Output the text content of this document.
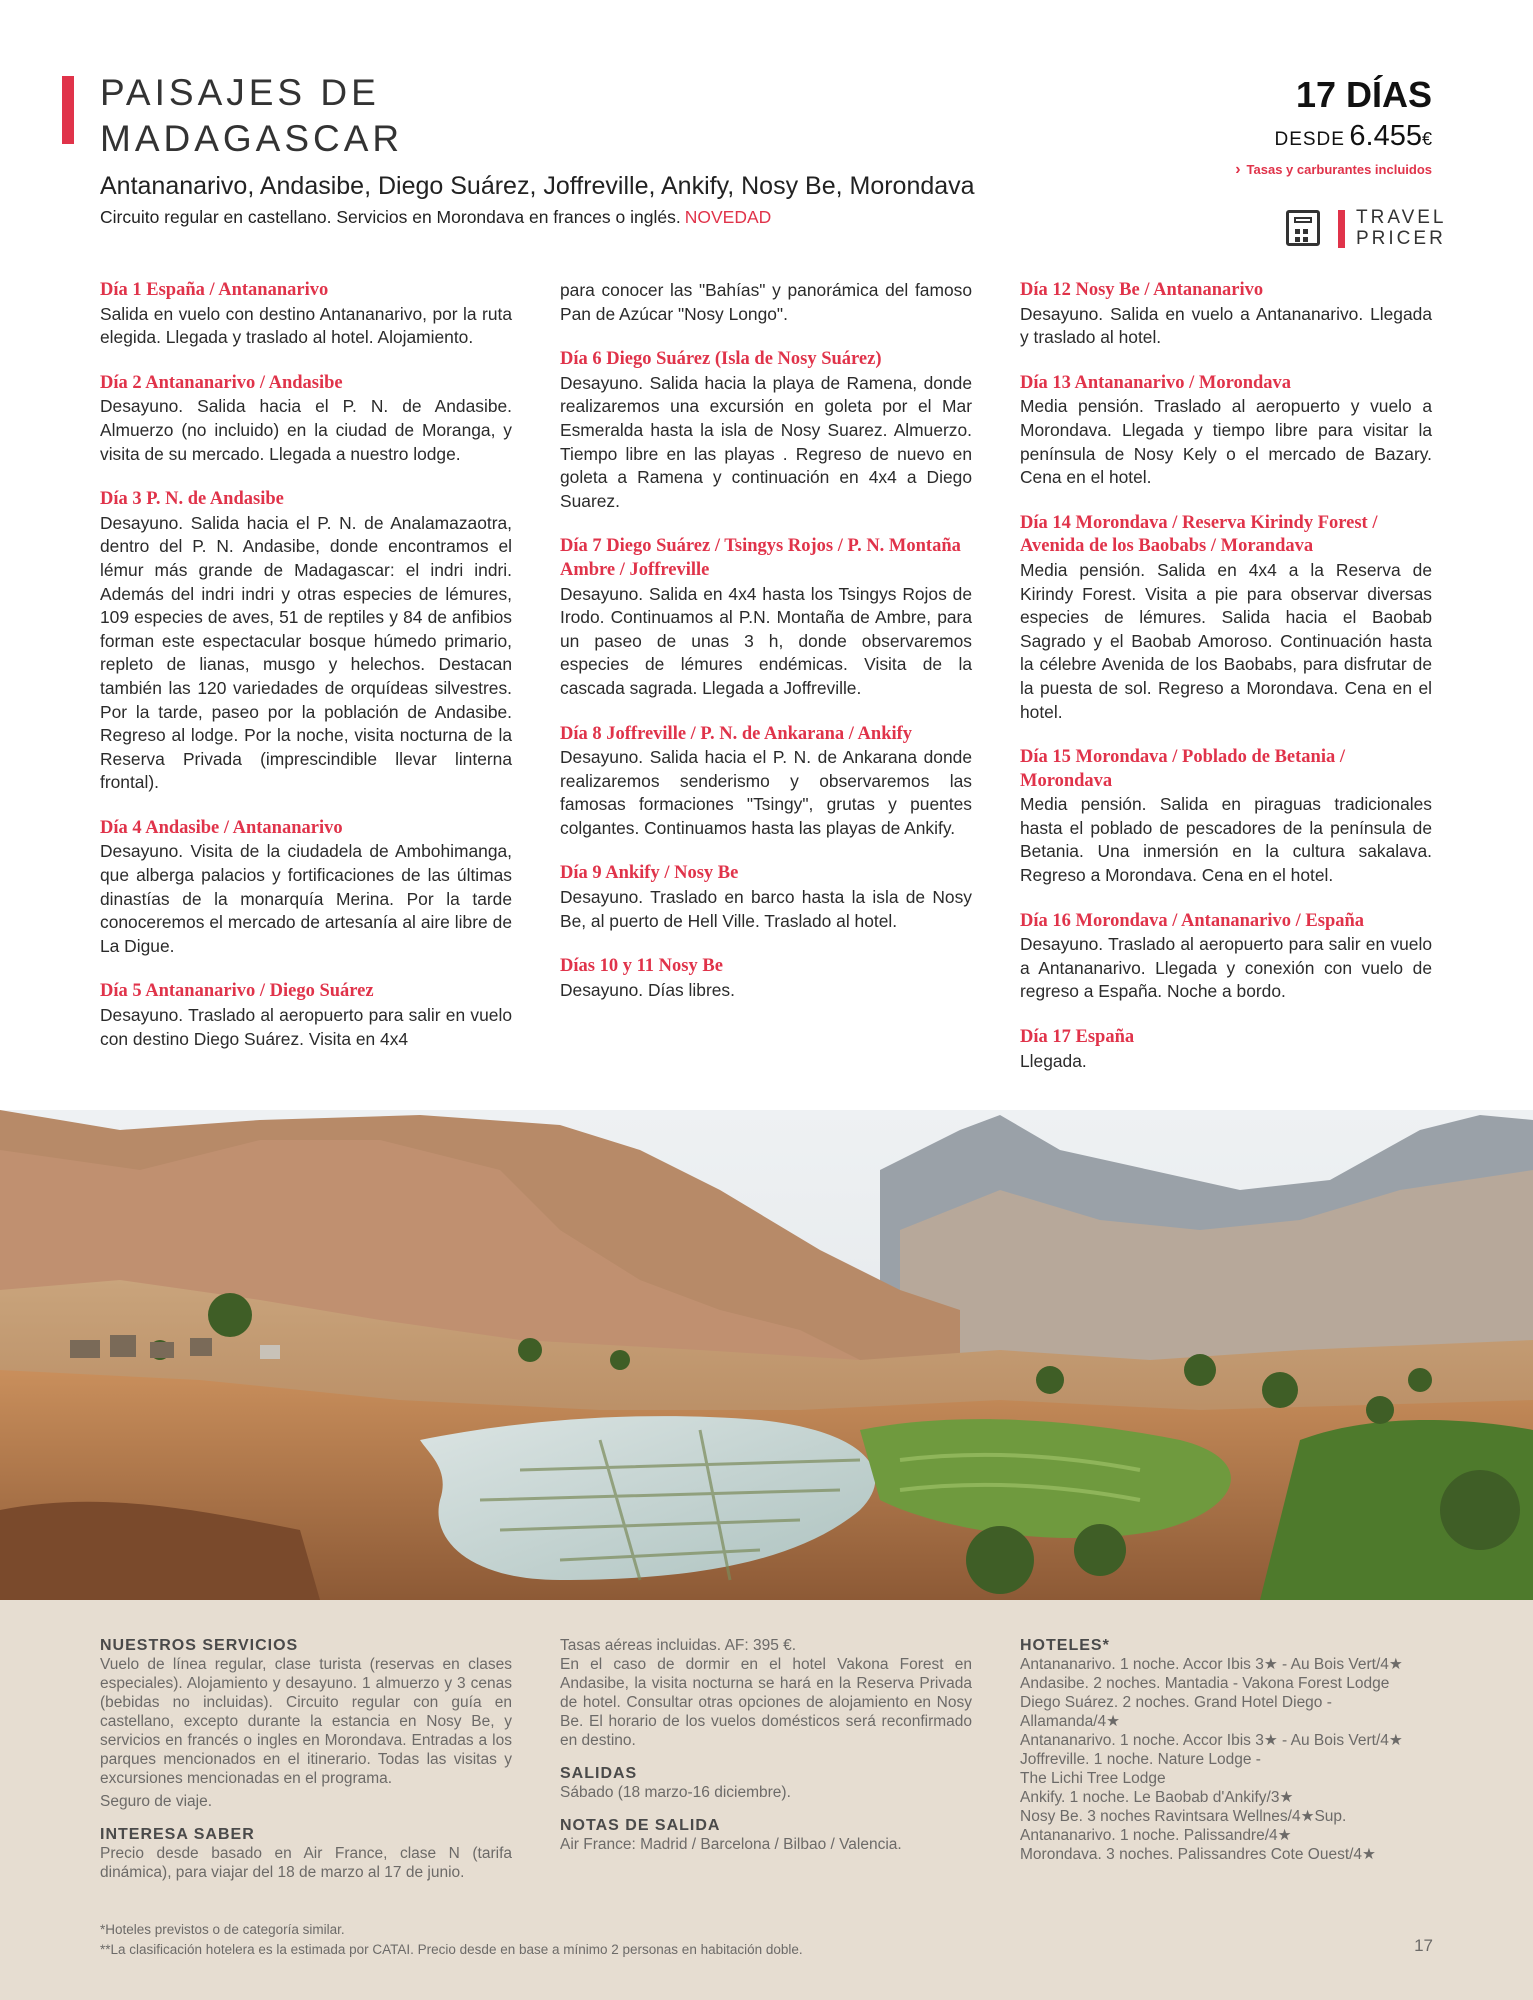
PAISAJES DE
MADAGASCAR
Antananarivo, Andasibe, Diego Suárez, Joffreville, Ankify, Nosy Be, Morondava
Circuito regular en castellano. Servicios en Morondava en frances o inglés. NOVEDAD
17 DÍAS
DESDE 6.455€
› Tasas y carburantes incluidos
TRAVEL
PRICER
Día 1 España / Antananarivo

Salida en vuelo con destino Antananarivo, por la ruta elegida. Llegada y traslado al hotel. Alojamiento.

Día 2 Antananarivo / Andasibe

Desayuno. Salida hacia el P. N. de Andasibe. Almuerzo (no incluido) en la ciudad de Moranga, y visita de su mercado. Llegada a nuestro lodge.

Día 3 P. N. de Andasibe

Desayuno. Salida hacia el P. N. de Analamazaotra, dentro del P. N. Andasibe, donde encontramos el lémur más grande de Madagascar: el indri indri. Además del indri indri y otras especies de lémures, 109 especies de aves, 51 de reptiles y 84 de anfibios forman este espectacular bosque húmedo primario, repleto de lianas, musgo y helechos. Destacan también las 120 variedades de orquídeas silvestres. Por la tarde, paseo por la población de Andasibe. Regreso al lodge. Por la noche, visita nocturna de la Reserva Privada (imprescindible llevar linterna frontal).

Día 4 Andasibe / Antananarivo

Desayuno. Visita de la ciudadela de Ambohimanga, que alberga palacios y fortificaciones de las últimas dinastías de la monarquía Merina. Por la tarde conoceremos el mercado de artesanía al aire libre de La Digue.

Día 5 Antananarivo / Diego Suárez

Desayuno. Traslado al aeropuerto para salir en vuelo con destino Diego Suárez. Visita en 4x4

para conocer las "Bahías" y panorámica del famoso Pan de Azúcar "Nosy Longo".

Día 6 Diego Suárez (Isla de Nosy Suárez)

Desayuno. Salida hacia la playa de Ramena, donde realizaremos una excursión en goleta por el Mar Esmeralda hasta la isla de Nosy Suarez. Almuerzo. Tiempo libre en las playas . Regreso de nuevo en goleta a Ramena y continuación en 4x4 a Diego Suarez.

Día 7 Diego Suárez / Tsingys Rojos / P. N. Montaña Ambre / Joffreville

Desayuno. Salida en 4x4 hasta los Tsingys Rojos de Irodo. Continuamos al P.N. Montaña de Ambre, para un paseo de unas 3 h, donde observaremos especies de lémures endémicas. Visita de la cascada sagrada. Llegada a Joffreville.

Día 8 Joffreville / P. N. de Ankarana / Ankify

Desayuno. Salida hacia el P. N. de Ankarana donde realizaremos senderismo y observaremos las famosas formaciones "Tsingy", grutas y puentes colgantes. Continuamos hasta las playas de Ankify.

Día 9 Ankify / Nosy Be

Desayuno. Traslado en barco hasta la isla de Nosy Be, al puerto de Hell Ville. Traslado al hotel.

Días 10 y 11 Nosy Be

Desayuno. Días libres.

Día 12 Nosy Be / Antananarivo

Desayuno. Salida en vuelo a Antananarivo. Llegada y traslado al hotel.

Día 13 Antananarivo / Morondava

Media pensión. Traslado al aeropuerto y vuelo a Morondava. Llegada y tiempo libre para visitar la península de Nosy Kely o el mercado de Bazary. Cena en el hotel.

Día 14 Morondava / Reserva Kirindy Forest / Avenida de los Baobabs / Morandava

Media pensión. Salida en 4x4 a la Reserva de Kirindy Forest. Visita a pie para observar diversas especies de lémures. Salida hacia el Baobab Sagrado y el Baobab Amoroso. Continuación hasta la célebre Avenida de los Baobabs, para disfrutar de la puesta de sol. Regreso a Morondava. Cena en el hotel.

Día 15 Morondava / Poblado de Betania / Morondava

Media pensión. Salida en piraguas tradicionales hasta el poblado de pescadores de la península de Betania. Una inmersión en la cultura sakalava. Regreso a Morondava. Cena en el hotel.

Día 16 Morondava / Antananarivo / España

Desayuno. Traslado al aeropuerto para salir en vuelo a Antananarivo. Llegada y conexión con vuelo de regreso a España. Noche a bordo.

Día 17 España

Llegada.

NUESTROS SERVICIOS

Vuelo de línea regular, clase turista (reservas en clases especiales). Alojamiento y desayuno. 1 almuerzo y 3 cenas (bebidas no incluidas). Circuito regular con guía en castellano, excepto durante la estancia en Nosy Be, y servicios en francés o ingles en Morondava. Entradas a los parques mencionados en el itinerario. Todas las visitas y excursiones mencionadas en el programa.

Seguro de viaje.

INTERESA SABER

Precio desde basado en Air France, clase N (tarifa dinámica), para viajar del 18 de marzo al 17 de junio.

Tasas aéreas incluidas. AF: 395 €.

En el caso de dormir en el hotel Vakona Forest en Andasibe, la visita nocturna se hará en la Reserva Privada de hotel. Consultar otras opciones de alojamiento en Nosy Be. El horario de los vuelos domésticos será reconfirmado en destino.

SALIDAS

Sábado (18 marzo-16 diciembre).

NOTAS DE SALIDA

Air France: Madrid / Barcelona / Bilbao / Valencia.

HOTELES*
Antananarivo. 1 noche. Accor Ibis 3★ - Au Bois Vert/4★
Andasibe. 2 noches. Mantadia - Vakona Forest Lodge
Diego Suárez. 2 noches. Grand Hotel Diego -
Allamanda/4★
Antananarivo. 1 noche. Accor Ibis 3★ - Au Bois Vert/4★
Joffreville. 1 noche. Nature Lodge -
The Lichi Tree Lodge
Ankify. 1 noche. Le Baobab d'Ankify/3★
Nosy Be. 3 noches Ravintsara Wellnes/4★Sup.
Antananarivo. 1 noche. Palissandre/4★
Morondava. 3 noches. Palissandres Cote Ouest/4★
*Hoteles previstos o de categoría similar.
**La clasificación hotelera es la estimada por CATAI. Precio desde en base a mínimo 2 personas en habitación doble.	17
